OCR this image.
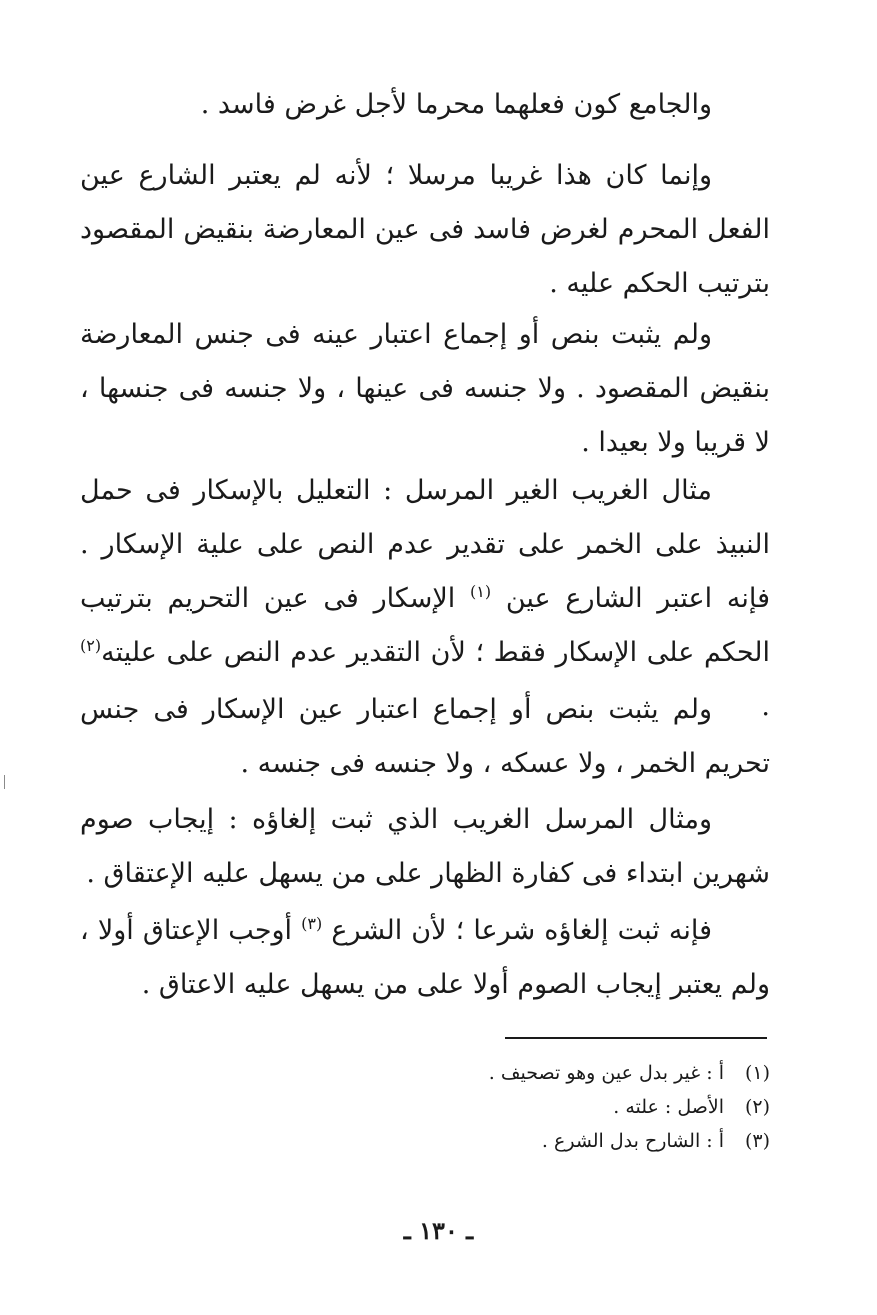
والجامع كون فعلهما محرما لأجل غرض فاسد .

وإنما كان هذا غريبا مرسلا ؛ لأنه لم يعتبر الشارع عين الفعل المحرم لغرض فاسد فى عين المعارضة بنقيض المقصود بترتيب الحكم عليه .

ولم يثبت بنص أو إجماع اعتبار عينه فى جنس المعارضة بنقيض المقصود . ولا جنسه فى عينها ، ولا جنسه فى جنسها ، لا قريبا ولا بعيدا .

مثال الغريب الغير المرسل : التعليل بالإسكار فى حمل النبيذ على الخمر على تقدير عدم النص على علية الإسكار . فإنه اعتبر الشارع عين $^{(١)}$ الإسكار فى عين التحريم بترتيب الحكم على الإسكار فقط ؛ لأن التقدير عدم النص على عليته$^{(٢)}$ .

ولم يثبت بنص أو إجماع اعتبار عين الإسكار فى جنس تحريم الخمر ، ولا عسكه ، ولا جنسه فى جنسه .

ومثال المرسل الغريب الذي ثبت إلغاؤه : إيجاب صوم شهرين ابتداء فى كفارة الظهار على من يسهل عليه الإعتقاق .

فإنه ثبت إلغاؤه شرعا ؛ لأن الشرع $^{(٣)}$ أوجب الإعتاق أولا ، ولم يعتبر إيجاب الصوم أولا على من يسهل عليه الاعتاق .

(١)
أ : غير بدل عين وهو تصحيف .
(٢)
الأصل : علته .
(٣)
أ : الشارح بدل الشرع .
ـ ١٣٠ ـ
